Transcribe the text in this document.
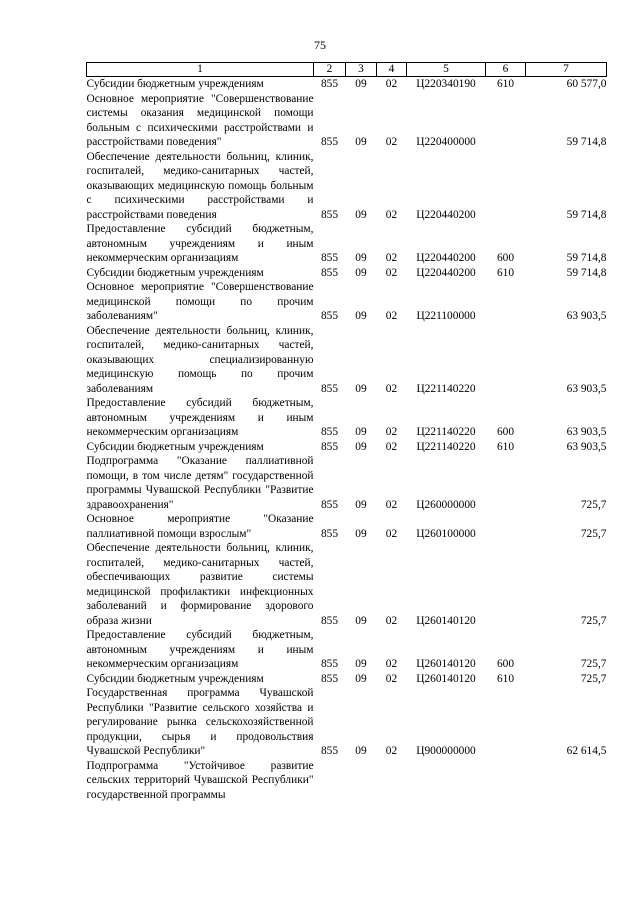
75
1	2	3	4	5	6	7
Субсидии бюджетным учреждениям	855	09	02	Ц220340190	610	60 577,0
Основное мероприятие "Совершенствование системы оказания медицинской помощи больным с психическими расстройствами и расстройствами поведения"	855	09	02	Ц220400000		59 714,8
Обеспечение деятельности больниц, клиник, госпиталей, медико-санитарных частей, оказывающих медицинскую помощь больным с психическими расстройствами и расстройствами поведения	855	09	02	Ц220440200		59 714,8
Предоставление субсидий бюджетным, автономным учреждениям и иным некоммерческим организациям	855	09	02	Ц220440200	600	59 714,8
Субсидии бюджетным учреждениям	855	09	02	Ц220440200	610	59 714,8
Основное мероприятие "Совершенствование медицинской помощи по прочим заболеваниям"	855	09	02	Ц221100000		63 903,5
Обеспечение деятельности больниц, клиник, госпиталей, медико-санитарных частей, оказывающих специализированную медицинскую помощь по прочим заболеваниям	855	09	02	Ц221140220		63 903,5
Предоставление субсидий бюджетным, автономным учреждениям и иным некоммерческим организациям	855	09	02	Ц221140220	600	63 903,5
Субсидии бюджетным учреждениям	855	09	02	Ц221140220	610	63 903,5
Подпрограмма "Оказание паллиативной помощи, в том числе детям" государственной программы Чувашской Республики "Развитие здравоохранения"	855	09	02	Ц260000000		725,7
Основное мероприятие "Оказание паллиативной помощи взрослым"	855	09	02	Ц260100000		725,7
Обеспечение деятельности больниц, клиник, госпиталей, медико-санитарных частей, обеспечивающих развитие системы медицинской профилактики инфекционных заболеваний и формирование здорового образа жизни	855	09	02	Ц260140120		725,7
Предоставление субсидий бюджетным, автономным учреждениям и иным некоммерческим организациям	855	09	02	Ц260140120	600	725,7
Субсидии бюджетным учреждениям	855	09	02	Ц260140120	610	725,7
Государственная программа Чувашской Республики "Развитие сельского хозяйства и регулирование рынка сельскохозяйственной продукции, сырья и продовольствия Чувашской Республики"	855	09	02	Ц900000000		62 614,5
Подпрограмма "Устойчивое развитие сельских территорий Чувашской Республики" государственной программы						
